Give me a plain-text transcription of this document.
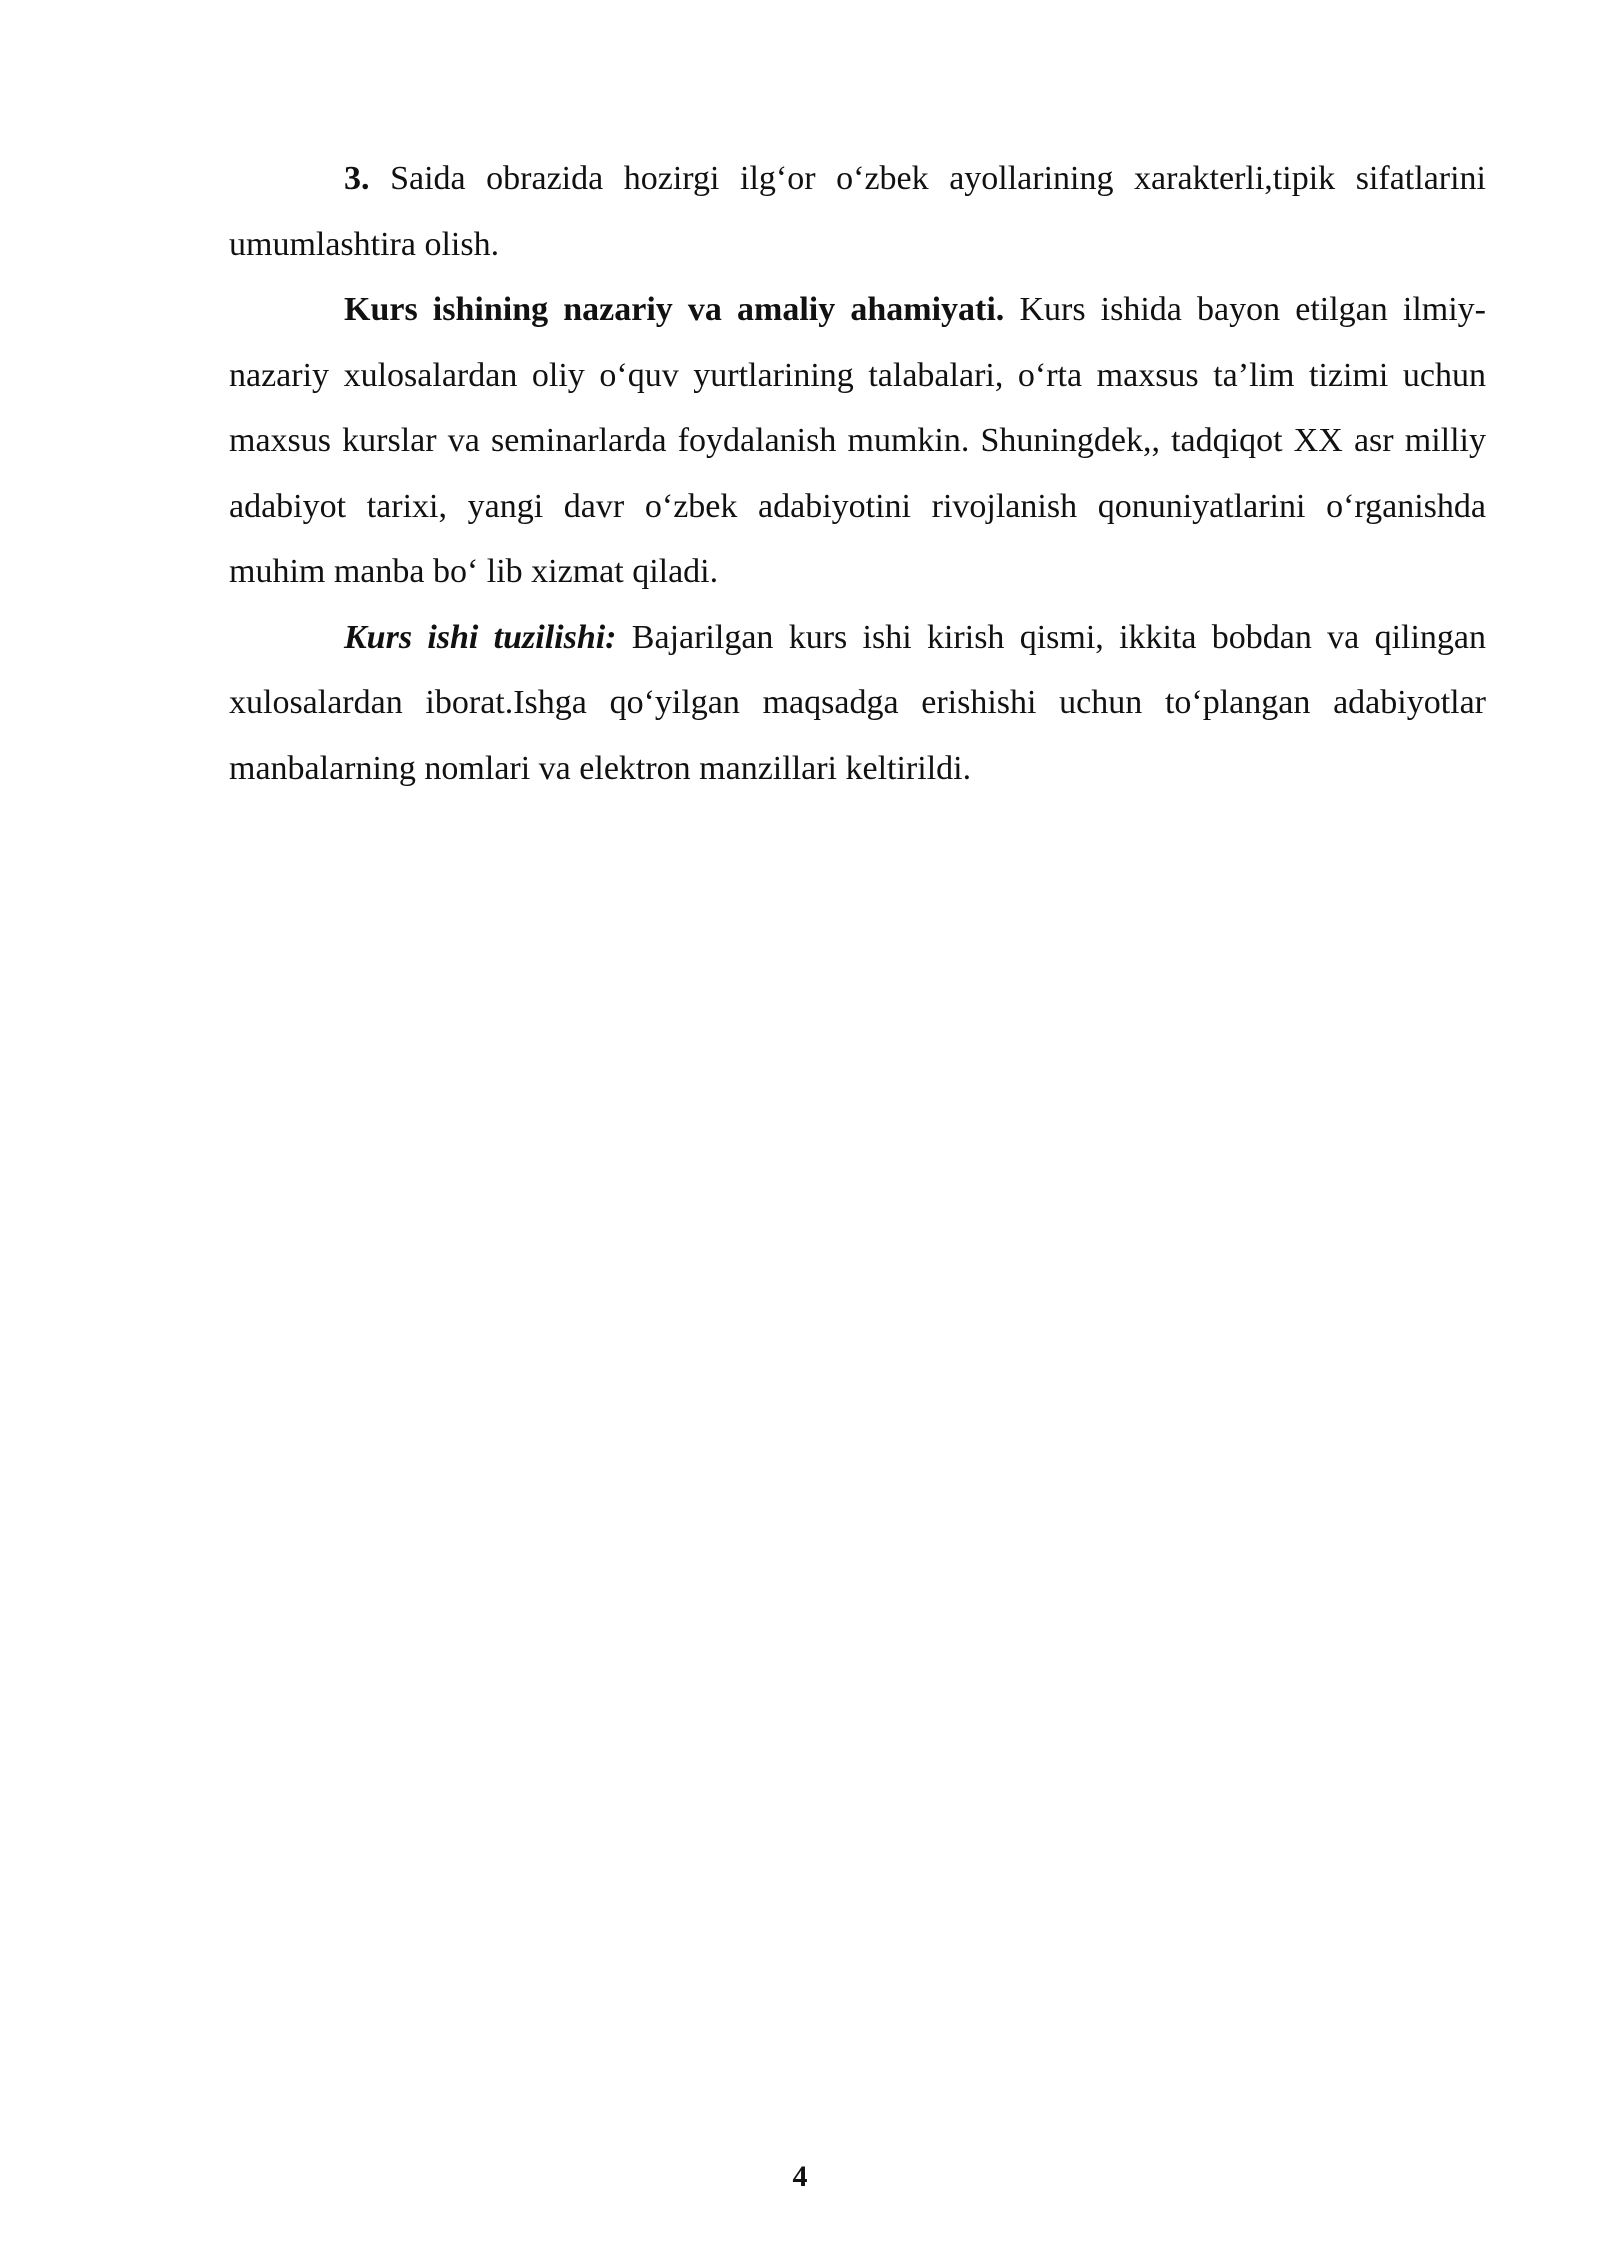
3. Saida obrazida hozirgi ilg‘or o‘zbek ayollarining xarakterli,tipik sifatlarini umumlashtira olish.

Kurs ishining nazariy va amaliy ahamiyati. Kurs ishida bayon etilgan ilmiy-nazariy xulosalardan oliy o‘quv yurtlarining talabalari, o‘rta maxsus ta’lim tizimi uchun maxsus kurslar va seminarlarda foydalanish mumkin. Shuningdek,, tadqiqot XX asr milliy adabiyot tarixi, yangi davr o‘zbek adabiyotini rivojlanish qonuniyatlarini o‘rganishda muhim manba bo‘ lib xizmat qiladi.

Kurs ishi tuzilishi: Bajarilgan kurs ishi kirish qismi, ikkita bobdan va qilingan xulosalardan iborat.Ishga qo‘yilgan maqsadga erishishi uchun to‘plangan adabiyotlar manbalarning nomlari va elektron manzillari keltirildi.

4
